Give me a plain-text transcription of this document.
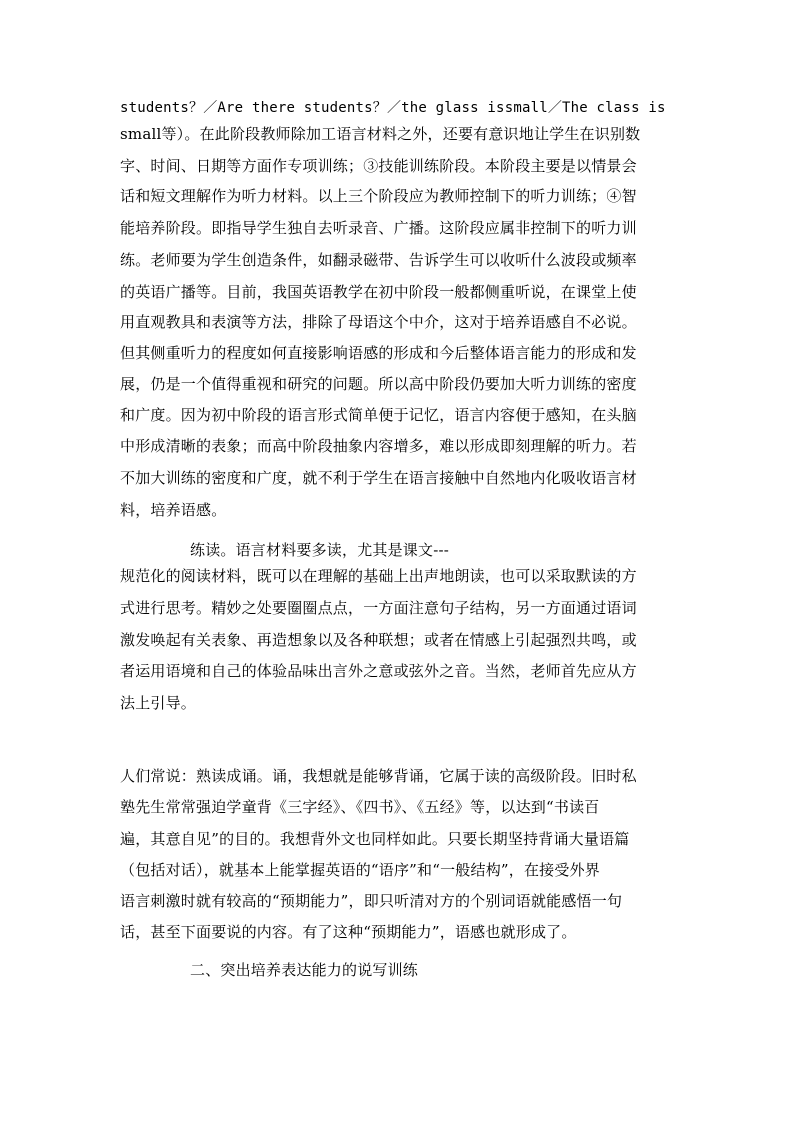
students？／Are there students？／the glass issmall／The class is
small等）。在此阶段教师除加工语言材料之外，还要有意识地让学生在识别数
字、时间、日期等方面作专项训练；③技能训练阶段。本阶段主要是以情景会
话和短文理解作为听力材料。以上三个阶段应为教师控制下的听力训练；④智
能培养阶段。即指导学生独自去听录音、广播。这阶段应属非控制下的听力训
练。老师要为学生创造条件，如翻录磁带、告诉学生可以收听什么波段或频率
的英语广播等。目前，我国英语教学在初中阶段一般都侧重听说，在课堂上使
用直观教具和表演等方法，排除了母语这个中介，这对于培养语感自不必说。
但其侧重听力的程度如何直接影响语感的形成和今后整体语言能力的形成和发
展，仍是一个值得重视和研究的问题。所以高中阶段仍要加大听力训练的密度
和广度。因为初中阶段的语言形式简单便于记忆，语言内容便于感知，在头脑
中形成清晰的表象；而高中阶段抽象内容增多，难以形成即刻理解的听力。若
不加大训练的密度和广度，就不利于学生在语言接触中自然地内化吸收语言材
料，培养语感。
练读。语言材料要多读，尤其是课文---
规范化的阅读材料，既可以在理解的基础上出声地朗读，也可以采取默读的方
式进行思考。精妙之处要圈圈点点，一方面注意句子结构，另一方面通过语词
激发唤起有关表象、再造想象以及各种联想；或者在情感上引起强烈共鸣，或
者运用语境和自己的体验品味出言外之意或弦外之音。当然，老师首先应从方
法上引导。
人们常说：熟读成诵。诵，我想就是能够背诵，它属于读的高级阶段。旧时私
塾先生常常强迫学童背《三字经》、《四书》、《五经》等，以达到“书读百
遍，其意自见”的目的。我想背外文也同样如此。只要长期坚持背诵大量语篇
（包括对话），就基本上能掌握英语的“语序”和“一般结构”，在接受外界
语言刺激时就有较高的“预期能力”，即只听清对方的个别词语就能感悟一句
话，甚至下面要说的内容。有了这种“预期能力”，语感也就形成了。
二、突出培养表达能力的说写训练
